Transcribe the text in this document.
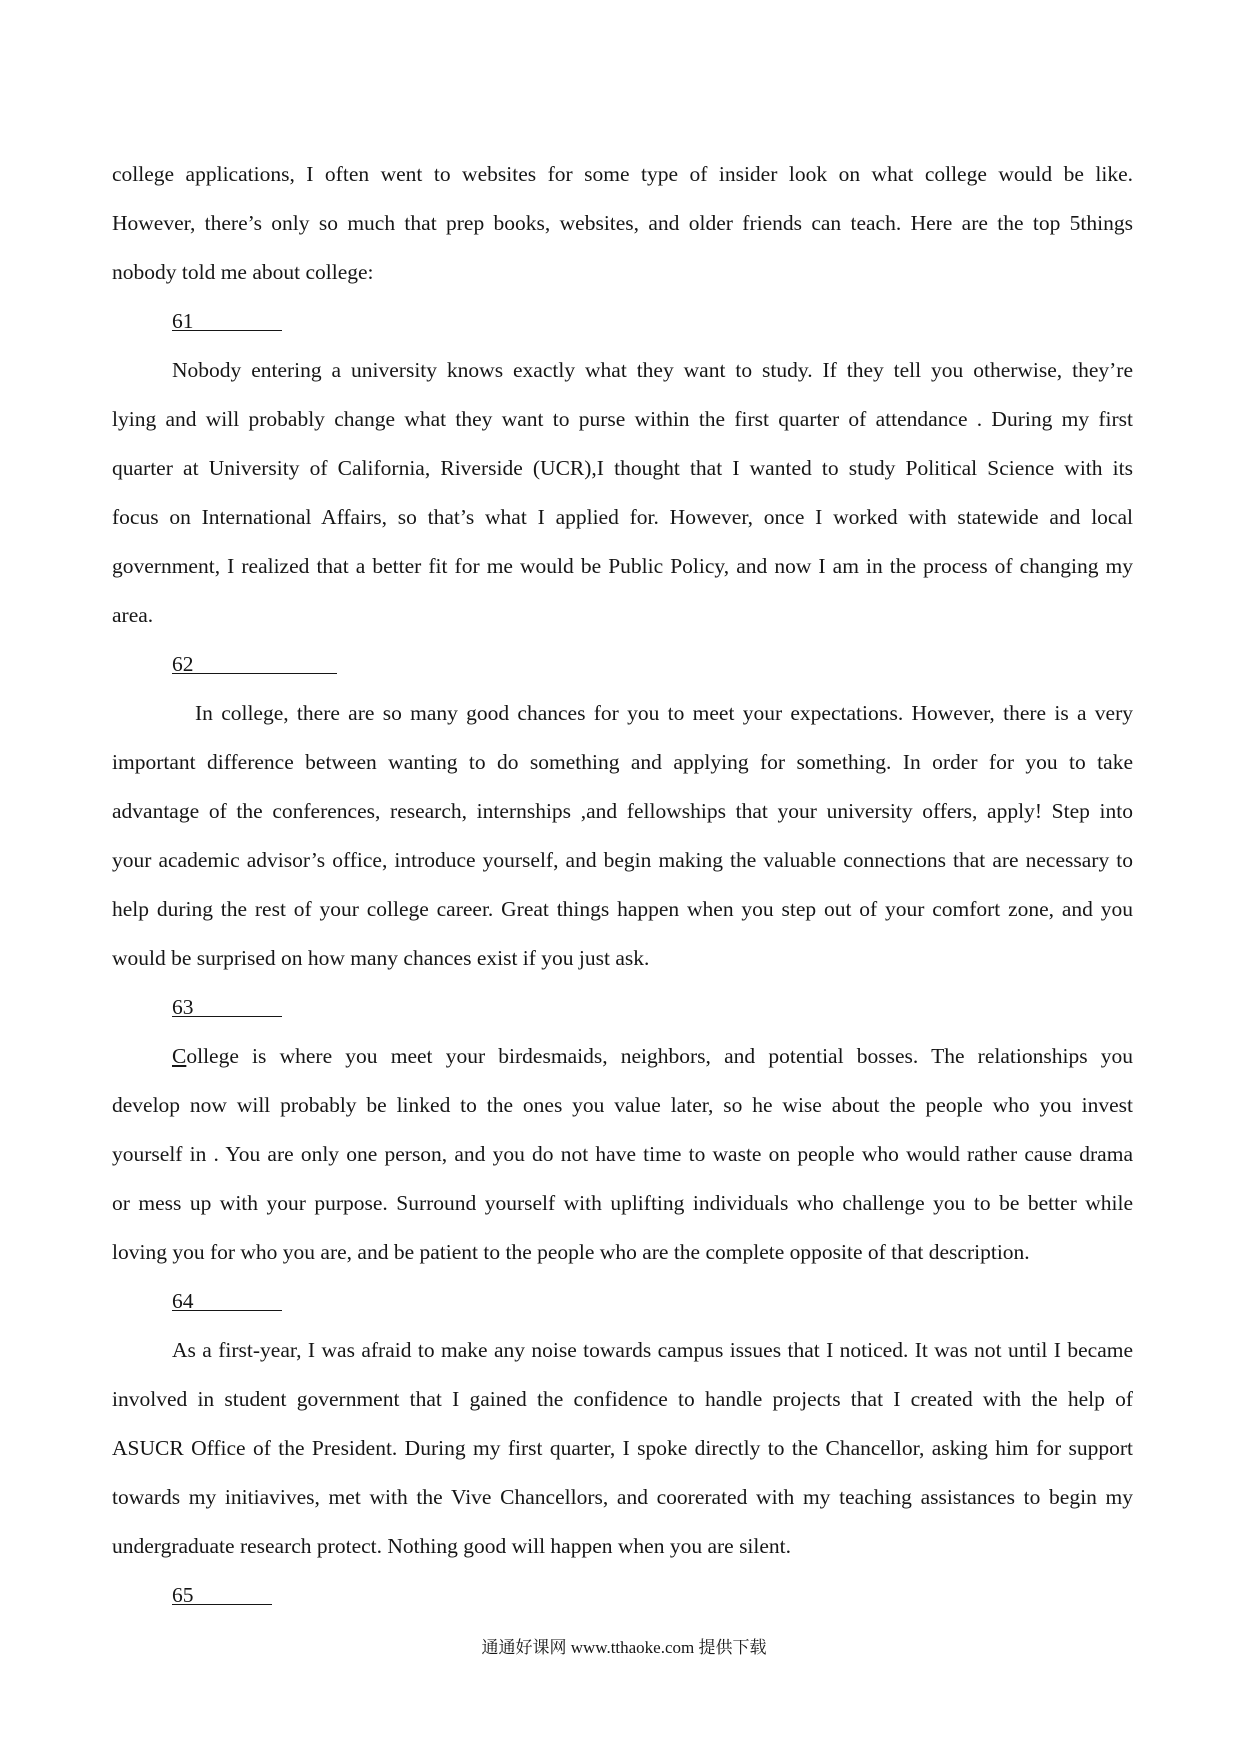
college applications, I often went to websites for some type of insider look on what college would be like.
However, there’s only so much that prep books, websites, and older friends can teach. Here are the top 5things
nobody told me about college:
61
Nobody entering a university knows exactly what they want to study. If they tell you otherwise, they’re
lying and will probably change what they want to purse within the first quarter of attendance . During my first
quarter at University of California, Riverside (UCR),I thought that I wanted to study Political Science with its
focus on International Affairs, so that’s what I applied for. However, once I worked with statewide and local
government, I realized that a better fit for me would be Public Policy, and now I am in the process of changing my
area.
62
In college, there are so many good chances for you to meet your expectations. However, there is a very
important difference between wanting to do something and applying for something. In order for you to take
advantage of the conferences, research, internships ,and fellowships that your university offers, apply! Step into
your academic advisor’s office, introduce yourself, and begin making the valuable connections that are necessary to
help during the rest of your college career. Great things happen when you step out of your comfort zone, and you
would be surprised on how many chances exist if you just ask.
63
College is where you meet your birdesmaids, neighbors, and potential bosses. The relationships you
develop now will probably be linked to the ones you value later, so he wise about the people who you invest
yourself in . You are only one person, and you do not have time to waste on people who would rather cause drama
or mess up with your purpose. Surround yourself with uplifting individuals who challenge you to be better while
loving you for who you are, and be patient to the people who are the complete opposite of that description.
64
As a first-year, I was afraid to make any noise towards campus issues that I noticed. It was not until I became
involved in student government that I gained the confidence to handle projects that I created with the help of
ASUCR Office of the President. During my first quarter, I spoke directly to the Chancellor, asking him for support
towards my initiavives, met with the Vive Chancellors, and coorerated with my teaching assistances to begin my
undergraduate research protect. Nothing good will happen when you are silent.
65
通通好课网 www.tthaoke.com 提供下载
